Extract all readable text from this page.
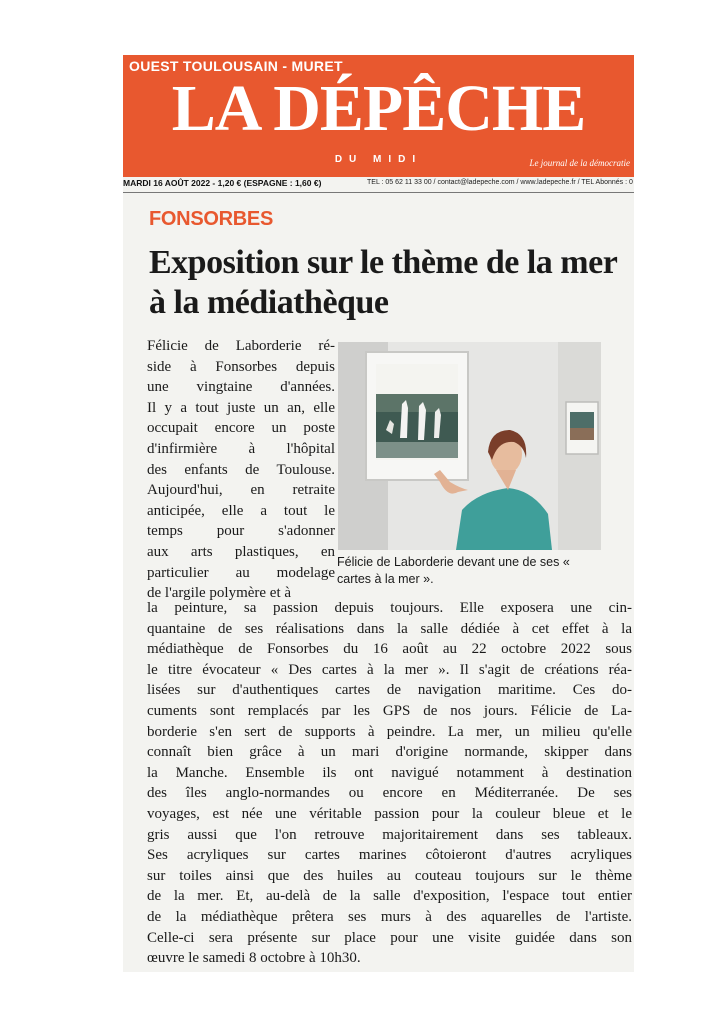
OUEST TOULOUSAIN - MURET
LA DÉPÊCHE
DU MIDI	Le journal de la démocratie
MARDI 16 AOÛT 2022 - 1,20 € (ESPAGNE : 1,60 €)	TEL : 05 62 11 33 00 / contact@ladepeche.com / www.ladepeche.fr / TEL Abonnés : 0
FONSORBES
Exposition sur le thème de la mer à la médiathèque
Félicie de Laborderie ré-
side à Fonsorbes depuis
une vingtaine d'années.
Il y a tout juste un an, elle
occupait encore un poste
d'infirmière à l'hôpital
des enfants de Toulouse.
Aujourd'hui, en retraite
anticipée, elle a tout le
temps pour s'adonner
aux arts plastiques, en
particulier au modelage
de l'argile polymère et à
Félicie de Laborderie devant une de ses « cartes à la mer ».
la peinture, sa passion depuis toujours. Elle exposera une cin-
quantaine de ses réalisations dans la salle dédiée à cet effet à la
médiathèque de Fonsorbes du 16 août au 22 octobre 2022 sous
le titre évocateur « Des cartes à la mer ». Il s'agit de créations réa-
lisées sur d'authentiques cartes de navigation maritime. Ces do-
cuments sont remplacés par les GPS de nos jours. Félicie de La-
borderie s'en sert de supports à peindre. La mer, un milieu qu'elle
connaît bien grâce à un mari d'origine normande, skipper dans
la Manche. Ensemble ils ont navigué notamment à destination
des îles anglo-normandes ou encore en Méditerranée. De ses
voyages, est née une véritable passion pour la couleur bleue et le
gris aussi que l'on retrouve majoritairement dans ses tableaux.
Ses acryliques sur cartes marines côtoieront d'autres acryliques
sur toiles ainsi que des huiles au couteau toujours sur le thème
de la mer. Et, au-delà de la salle d'exposition, l'espace tout entier
de la médiathèque prêtera ses murs à des aquarelles de l'artiste.
Celle-ci sera présente sur place pour une visite guidée dans son
œuvre le samedi 8 octobre à 10h30.
